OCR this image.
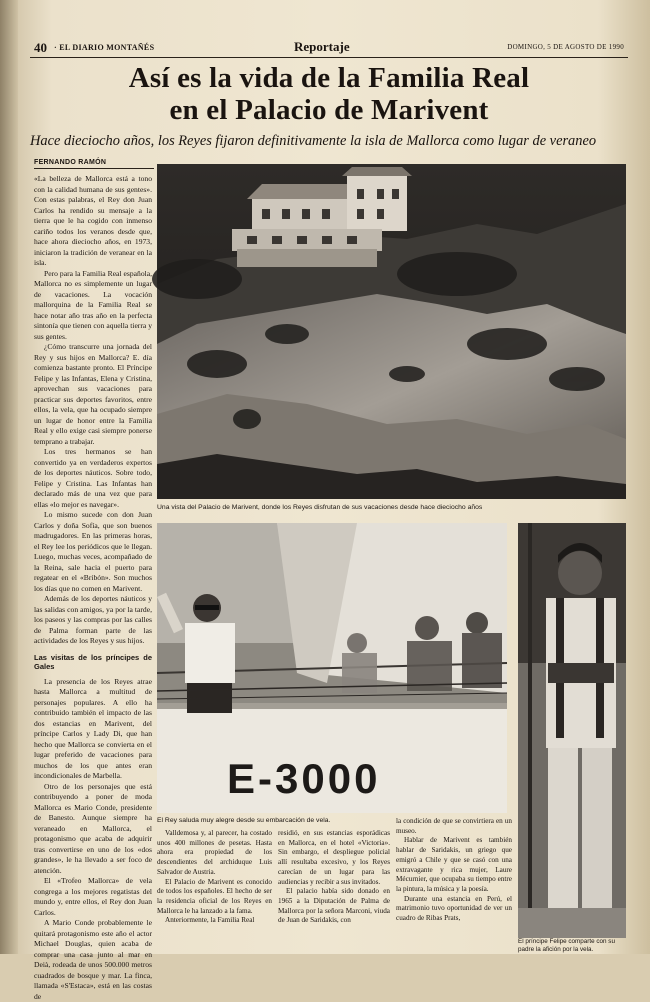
40 · EL DIARIO MONTAÑÉS	Reportaje	DOMINGO, 5 DE AGOSTO DE 1990
Así es la vida de la Familia Real
en el Palacio de Marivent
Hace dieciocho años, los Reyes fijaron definitivamente la isla de Mallorca como lugar de veraneo
FERNANDO RAMÓN

«La belleza de Mallorca está a tono con la calidad humana de sus gentes». Con estas palabras, el Rey don Juan Carlos ha rendido su mensaje a la tierra que le ha cogido con inmenso cariño todos los veranos desde que, hace ahora dieciocho años, en 1973, iniciaron la tradición de veranear en la isla.

Pero para la Familia Real española, Mallorca no es simplemente un lugar de vacaciones. La vocación mallorquina de la Familia Real se hace notar año tras año en la perfecta sintonía que tienen con aquella tierra y sus gentes.

¿Cómo transcurre una jornada del Rey y sus hijos en Mallorca? E. día comienza bastante pronto. El Príncipe Felipe y las Infantas, Elena y Cristina, aprovechan sus vacaciones para practicar sus deportes favoritos, entre ellos, la vela, que ha ocupado siempre un lugar de honor entre la Familia Real y ello exige casi siempre ponerse temprano a trabajar.

Los tres hermanos se han convertido ya en verdaderos expertos de los deportes náuticos. Sobre todo, Felipe y Cristina. Las Infantas han declarado más de una vez que para ellas «lo mejor es navegar».

Lo mismo sucede con don Juan Carlos y doña Sofía, que son buenos madrugadores. En las primeras horas, el Rey lee los periódicos que le llegan. Luego, muchas veces, acompañado de la Reina, sale hacia el puerto para regatear en el «Bribón». Son muchos los días que no comen en Marivent.

Además de los deportes náuticos y las salidas con amigos, ya por la tarde, los paseos y las compras por las calles de Palma forman parte de las actividades de los Reyes y sus hijos.

Las visitas de los príncipes de Gales

La presencia de los Reyes atrae hasta Mallorca a multitud de personajes populares. A ello ha contribuido también el impacto de las dos estancias en Marivent, del príncipe Carlos y Lady Di, que han hecho que Mallorca se convierta en el lugar preferido de vacaciones para muchos de los que antes eran incondicionales de Marbella.

Otro de los personajes que está contribuyendo a poner de moda Mallorca es Mario Conde, presidente de Banesto. Aunque siempre ha veraneado en Mallorca, el protagonismo que acaba de adquirir tras convertirse en uno de los «dos grandes», le ha llevado a ser foco de atención.

El «Trofeo Mallorca» de vela congrega a los mejores regatistas del mundo y, entre ellos, el Rey don Juan Carlos.

A Mario Conde probablemente le quitará protagonismo este año el actor Michael Douglas, quien acaba de comprar una casa junto al mar en Deià, rodeada de unos 500.000 metros cuadrados de bosque y mar. La finca, llamada «S'Estaca», está en las costas de

Una vista del Palacio de Marivent, donde los Reyes disfrutan de sus vacaciones desde hace dieciocho años
E-3000
El Rey saluda muy alegre desde su embarcación de vela.
El príncipe Felipe comparte con su padre la afición por la vela.

Valldemosa y, al parecer, ha costado unos 400 millones de pesetas. Hasta ahora era propiedad de los descendientes del archiduque Luis Salvador de Austria.

El Palacio de Marivent es conocido de todos los españoles. El hecho de ser la residencia oficial de los Reyes en Mallorca le ha lanzado a la fama.

Anteriormente, la Familia Real

residió, en sus estancias esporádicas en Mallorca, en el hotel «Victoria». Sin embargo, el despliegue policial allí resultaba excesivo, y los Reyes carecían de un lugar para las audiencias y recibir a sus invitados.

El palacio había sido donado en 1965 a la Diputación de Palma de Mallorca por la señora Marconi, viuda de Juan de Saridakis, con

la condición de que se convirtiera en un museo.

Hablar de Marivent es también hablar de Saridakis, un griego que emigró a Chile y que se casó con una extravagante y rica mujer, Laure Mécurnier, que ocupaba su tiempo entre la pintura, la música y la poesía.

Durante una estancia en Perú, el matrimonio tuvo oportunidad de ver un cuadro de Ribas Prats,
